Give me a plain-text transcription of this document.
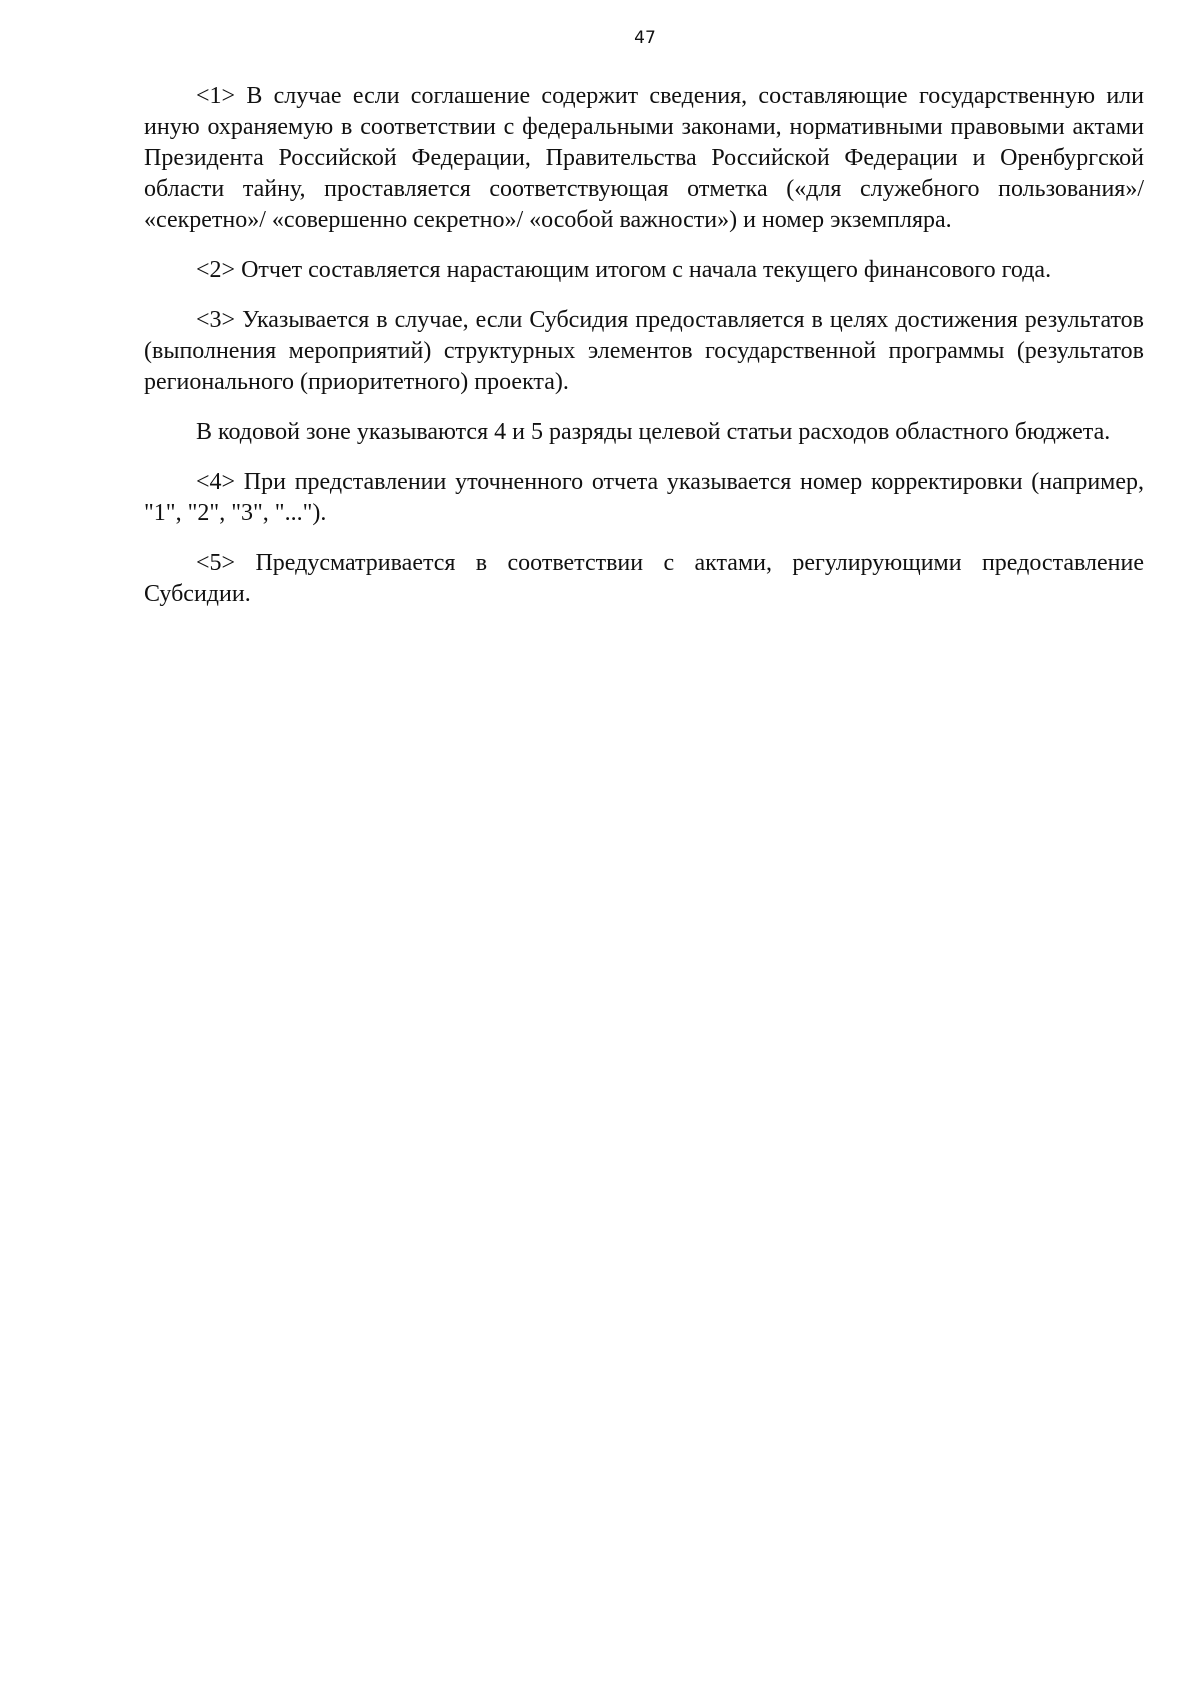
47

<1> В случае если соглашение содержит сведения, составляющие государственную или иную охраняемую в соответствии с федеральными законами, нормативными правовыми актами Президента Российской Федерации, Правительства Российской Федерации и Оренбургской области тайну, проставляется соответствующая отметка («для служебного пользования»/ «секретно»/ «совершенно секретно»/ «особой важности») и номер экземпляра.

<2> Отчет составляется нарастающим итогом с начала текущего финансового года.

<3> Указывается в случае, если Субсидия предоставляется в целях достижения результатов (выполнения мероприятий) структурных элементов государственной программы (результатов регионального (приоритетного) проекта).

В кодовой зоне указываются 4 и 5 разряды целевой статьи расходов областного бюджета.

<4> При представлении уточненного отчета указывается номер корректировки (например, "1", "2", "3", "...").

<5> Предусматривается в соответствии с актами, регулирующими предоставление Субсидии.
